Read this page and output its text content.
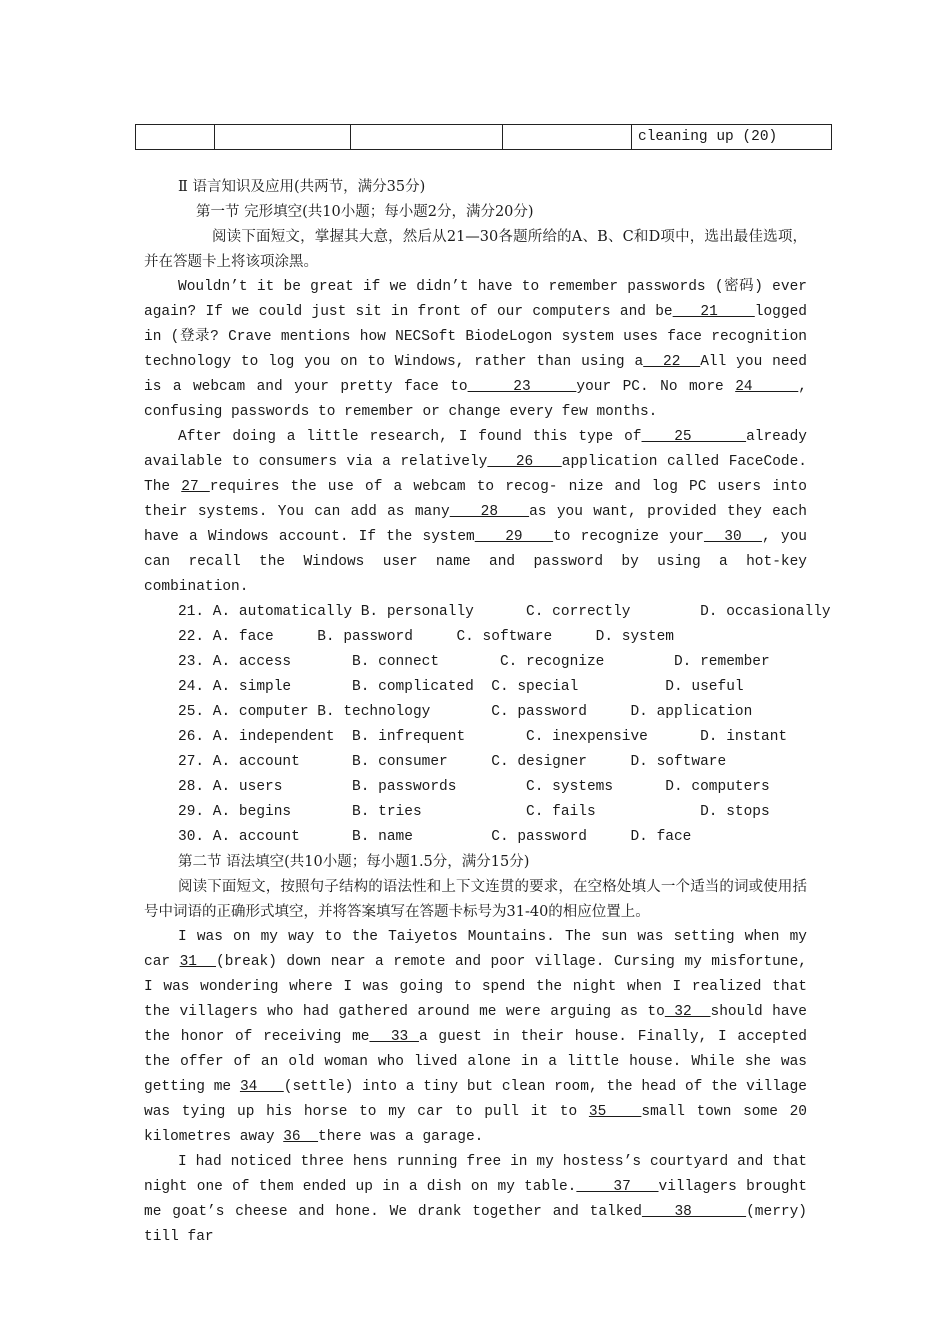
				cleaning up (20)
Ⅱ 语言知识及应用(共两节，满分35分)
第一节 完形填空(共10小题；每小题2分，满分20分)

阅读下面短文，掌握其大意，然后从21—30各题所给的A、B、C和D项中，选出最佳选项，并在答题卡上将该项涂黑。

Wouldn’t it be great if we didn’t have to remember passwords (密码) ever again? If we could just sit in front of our computers and be   21    logged in (登录? Crave mentions how NECSoft BiodeLogon system uses face recognition technology to log you on to Windows, rather than using a  22  All you need is a webcam and your pretty face to    23    your PC. No more 24    , confusing passwords to remember or change every few months.

After doing a little research, I found this type of   25     already available to consumers via a relatively   26   application called FaceCode. The 27 requires the use of a webcam to recog- nize and log PC users into their systems. You can add as many   28   as you want, provided they each have a Windows account. If the system   29   to recognize your  30  , you can recall the Windows user name and password by using a hot-key combination.

21. A. automatically B. personally      C. correctly        D. occasionally
22. A. face     B. password     C. software     D. system
23. A. access       B. connect       C. recognize        D. remember
24. A. simple       B. complicated  C. special          D. useful
25. A. computer B. technology       C. password     D. application
26. A. independent  B. infrequent       C. inexpensive      D. instant
27. A. account      B. consumer     C. designer     D. software
28. A. users        B. passwords        C. systems      D. computers
29. A. begins       B. tries            C. fails            D. stops
30. A. account      B. name         C. password     D. face
第二节 语法填空(共10小题；每小题1.5分，满分15分)

阅读下面短文，按照句子结构的语法性和上下文连贯的要求，在空格处填人一个适当的词或使用括号中词语的正确形式填空，并将答案填写在答题卡标号为31-40的相应位置上。

I was on my way to the Taiyetos Mountains. The sun was setting when my car 31  (break) down near a remote and poor village. Cursing my misfortune, I was wondering where I was going to spend the night when I realized that the villagers who had gathered around me were arguing as to 32  should have the honor of receiving me  33 a guest in their house. Finally, I accepted the offer of an old woman who lived alone in a little house. While she was getting me 34   (settle) into a tiny but clean room, the head of the village was tying up his horse to my car to pull it to 35   small town some 20 kilometres away 36  there was a garage.

I had noticed three hens running free in my hostess’s courtyard and that night one of them ended up in a dish on my table.    37   villagers brought me goat’s cheese and hone. We drank together and talked   38     (merry) till far
